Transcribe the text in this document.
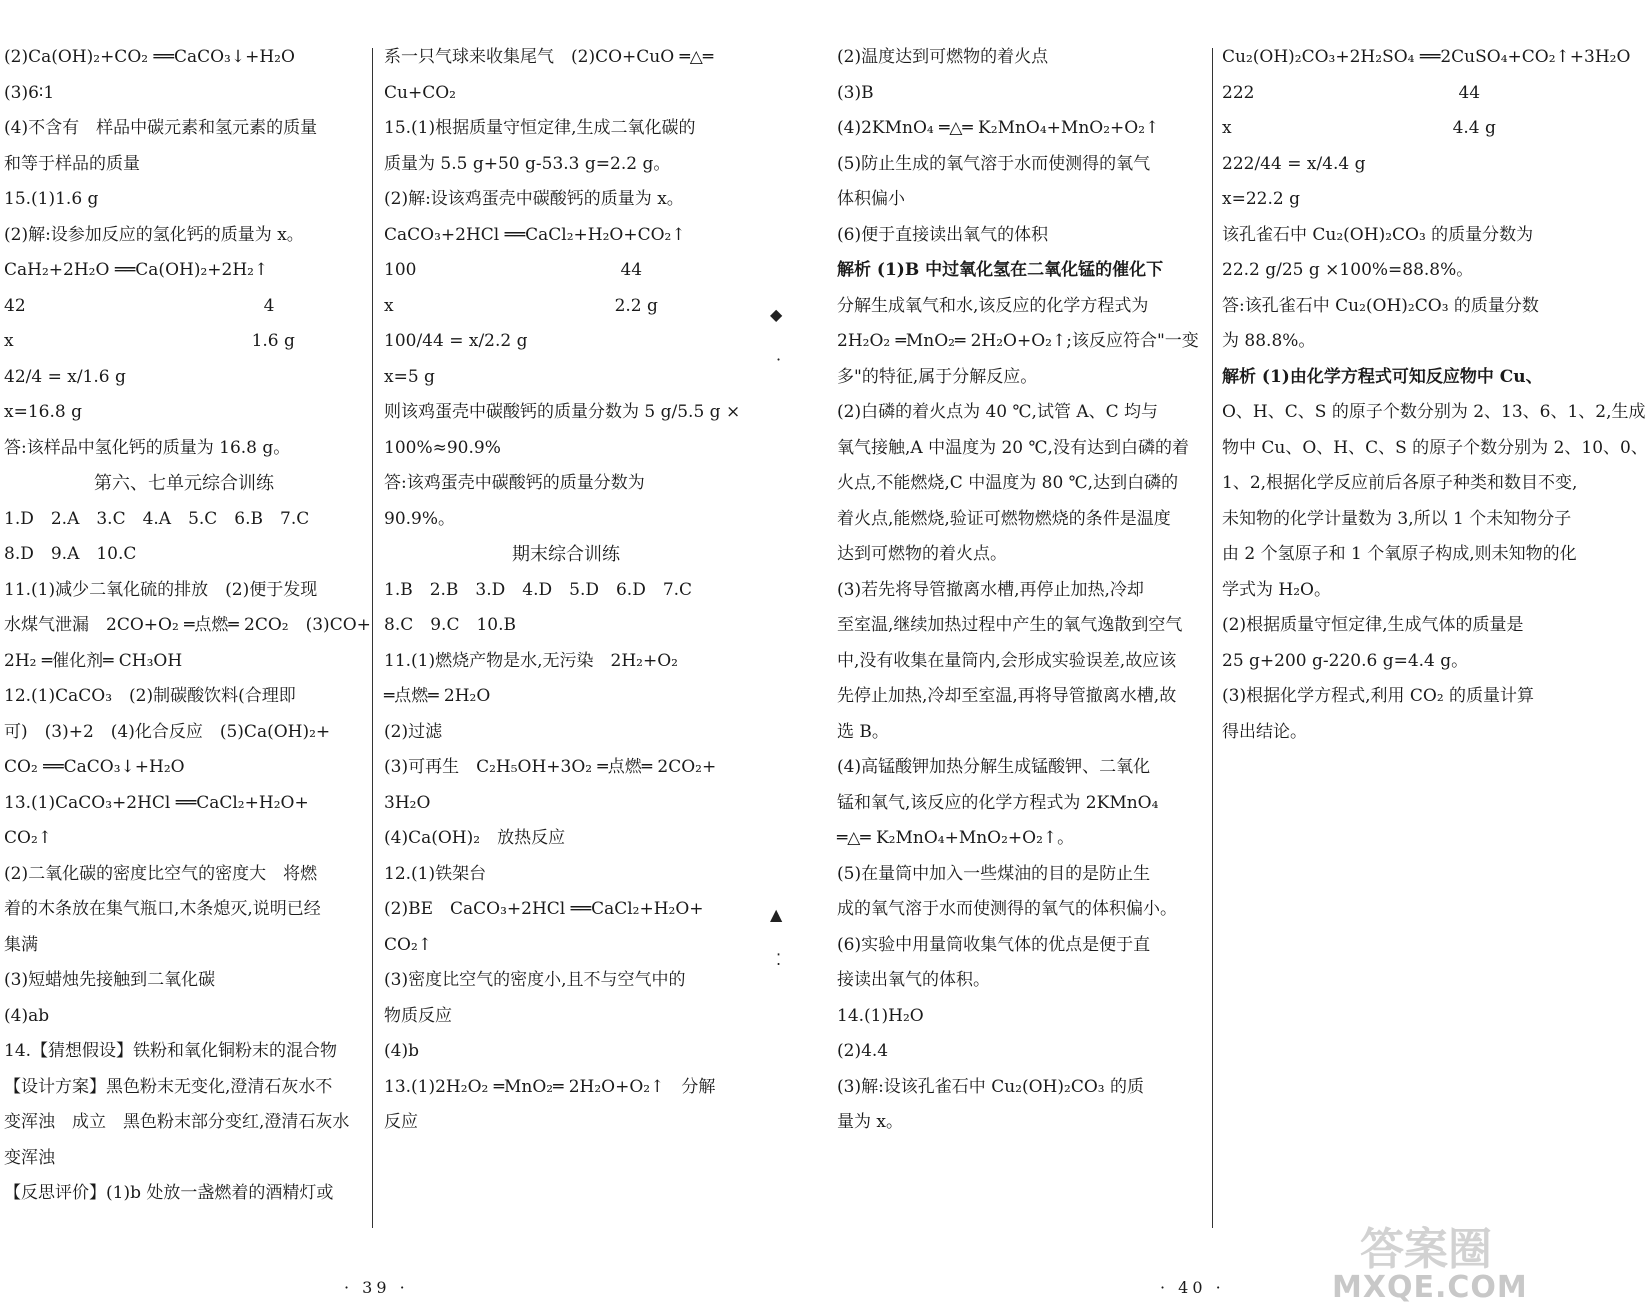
(2)Ca(OH)₂+CO₂ ══CaCO₃↓+H₂O
(3)6∶1
(4)不含有　样品中碳元素和氢元素的质量
和等于样品的质量
15.(1)1.6 g
(2)解:设参加反应的氢化钙的质量为 x。
CaH₂+2H₂O ══Ca(OH)₂+2H₂↑
42　　　　　　　　　　　　　　4
x　　　　　　　　　　　　　　1.6 g
42/4 = x/1.6 g
x=16.8 g
答:该样品中氢化钙的质量为 16.8 g。
第六、七单元综合训练
1.D　2.A　3.C　4.A　5.C　6.B　7.C
8.D　9.A　10.C
11.(1)减少二氧化硫的排放　(2)便于发现
水煤气泄漏　2CO+O₂ ═点燃═ 2CO₂　(3)CO+
2H₂ ═催化剂═ CH₃OH
12.(1)CaCO₃　(2)制碳酸饮料(合理即
可)　(3)+2　(4)化合反应　(5)Ca(OH)₂+
CO₂ ══CaCO₃↓+H₂O
13.(1)CaCO₃+2HCl ══CaCl₂+H₂O+
CO₂↑
(2)二氧化碳的密度比空气的密度大　将燃
着的木条放在集气瓶口,木条熄灭,说明已经
集满
(3)短蜡烛先接触到二氧化碳
(4)ab
14.【猜想假设】铁粉和氧化铜粉末的混合物
【设计方案】黑色粉末无变化,澄清石灰水不
变浑浊　成立　黑色粉末部分变红,澄清石灰水
变浑浊
【反思评价】(1)b 处放一盏燃着的酒精灯或
系一只气球来收集尾气　(2)CO+CuO ═△═
Cu+CO₂
15.(1)根据质量守恒定律,生成二氧化碳的
质量为 5.5 g+50 g-53.3 g=2.2 g。
(2)解:设该鸡蛋壳中碳酸钙的质量为 x。
CaCO₃+2HCl ══CaCl₂+H₂O+CO₂↑
100　　　　　　　　　　　　44
x　　　　　　　　　　　　　2.2 g
100/44 = x/2.2 g
x=5 g
则该鸡蛋壳中碳酸钙的质量分数为 5 g/5.5 g ×
100%≈90.9%
答:该鸡蛋壳中碳酸钙的质量分数为
90.9%。
期末综合训练
1.B　2.B　3.D　4.D　5.D　6.D　7.C
8.C　9.C　10.B
11.(1)燃烧产物是水,无污染　2H₂+O₂
═点燃═ 2H₂O
(2)过滤
(3)可再生　C₂H₅OH+3O₂ ═点燃═ 2CO₂+
3H₂O
(4)Ca(OH)₂　放热反应
12.(1)铁架台
(2)BE　CaCO₃+2HCl ══CaCl₂+H₂O+
CO₂↑
(3)密度比空气的密度小,且不与空气中的
物质反应
(4)b
13.(1)2H₂O₂ ═MnO₂═ 2H₂O+O₂↑　分解
反应
(2)温度达到可燃物的着火点
(3)B
(4)2KMnO₄ ═△═ K₂MnO₄+MnO₂+O₂↑
(5)防止生成的氧气溶于水而使测得的氧气
体积偏小
(6)便于直接读出氧气的体积
解析 (1)B 中过氧化氢在二氧化锰的催化下
分解生成氧气和水,该反应的化学方程式为
2H₂O₂ ═MnO₂═ 2H₂O+O₂↑;该反应符合"一变
多"的特征,属于分解反应。
(2)白磷的着火点为 40 ℃,试管 A、C 均与
氧气接触,A 中温度为 20 ℃,没有达到白磷的着
火点,不能燃烧,C 中温度为 80 ℃,达到白磷的
着火点,能燃烧,验证可燃物燃烧的条件是温度
达到可燃物的着火点。
(3)若先将导管撤离水槽,再停止加热,冷却
至室温,继续加热过程中产生的氧气逸散到空气
中,没有收集在量筒内,会形成实验误差,故应该
先停止加热,冷却至室温,再将导管撤离水槽,故
选 B。
(4)高锰酸钾加热分解生成锰酸钾、二氧化
锰和氧气,该反应的化学方程式为 2KMnO₄
═△═ K₂MnO₄+MnO₂+O₂↑。
(5)在量筒中加入一些煤油的目的是防止生
成的氧气溶于水而使测得的氧气的体积偏小。
(6)实验中用量筒收集气体的优点是便于直
接读出氧气的体积。
14.(1)H₂O
(2)4.4
(3)解:设该孔雀石中 Cu₂(OH)₂CO₃ 的质
量为 x。
Cu₂(OH)₂CO₃+2H₂SO₄ ══2CuSO₄+CO₂↑+3H₂O
222　　　　　　　　　　　　44
x　　　　　　　　　　　　　4.4 g
222/44 = x/4.4 g
x=22.2 g
该孔雀石中 Cu₂(OH)₂CO₃ 的质量分数为
22.2 g/25 g ×100%=88.8%。
答:该孔雀石中 Cu₂(OH)₂CO₃ 的质量分数
为 88.8%。
解析 (1)由化学方程式可知反应物中 Cu、
O、H、C、S 的原子个数分别为 2、13、6、1、2,生成
物中 Cu、O、H、C、S 的原子个数分别为 2、10、0、
1、2,根据化学反应前后各原子种类和数目不变,
未知物的化学计量数为 3,所以 1 个未知物分子
由 2 个氢原子和 1 个氧原子构成,则未知物的化
学式为 H₂O。
(2)根据质量守恒定律,生成气体的质量是
25 g+200 g-220.6 g=4.4 g。
(3)根据化学方程式,利用 CO₂ 的质量计算
得出结论。
◆
·
▲
⁚
· 39 ·	· 40 ·
答案圈
MXQE.COM
